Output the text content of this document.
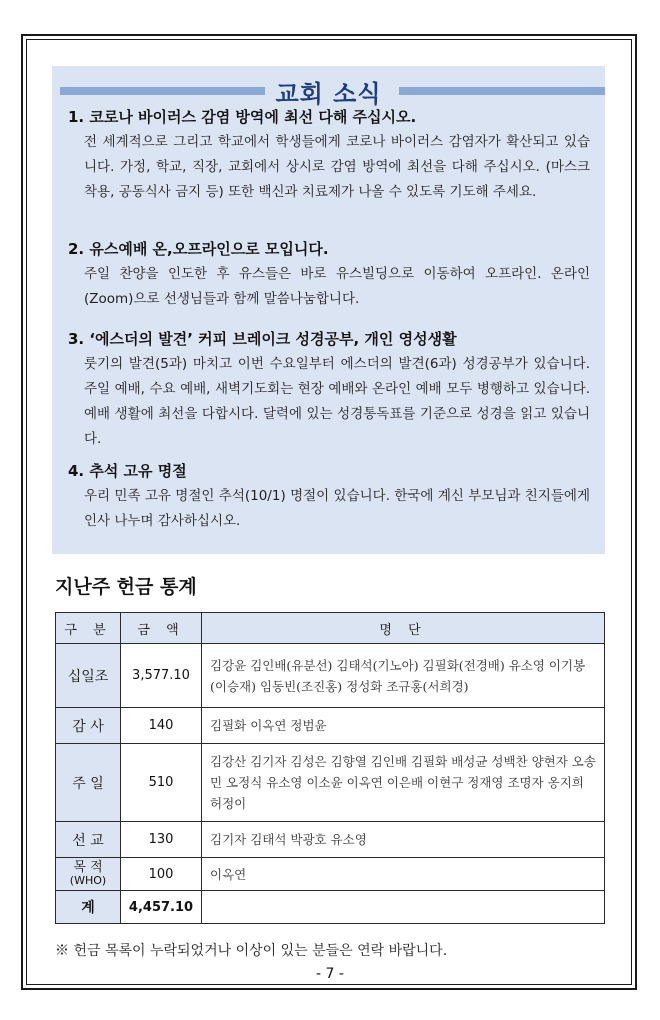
교회 소식
1. 코로나 바이러스 감염 방역에 최선 다해 주십시오.

전 세계적으로 그리고 학교에서 학생들에게 코로나 바이러스 감염자가 확산되고 있습니다. 가정, 학교, 직장, 교회에서 상시로 감염 방역에 최선을 다해 주십시오. (마스크 착용, 공동식사 금지 등) 또한 백신과 치료제가 나올 수 있도록 기도해 주세요.

2. 유스예배 온,오프라인으로 모입니다.

주일 찬양을 인도한 후 유스들은 바로 유스빌딩으로 이동하여 오프라인. 온라인(Zoom)으로 선생님들과 함께 말씀나눔합니다.

3. ‘에스더의 발견’ 커피 브레이크 성경공부, 개인 영성생활

룻기의 발견(5과) 마치고 이번 수요일부터 에스더의 발견(6과) 성경공부가 있습니다. 주일 예배, 수요 예배, 새벽기도회는 현장 예배와 온라인 예배 모두 병행하고 있습니다. 예배 생활에 최선을 다합시다. 달력에 있는 성경통독표를 기준으로 성경을 읽고 있습니다.

4. 추석 고유 명절

우리 민족 고유 명절인 추석(10/1) 명절이 있습니다. 한국에 계신 부모님과 친지들에게 인사 나누며 감사하십시오.

지난주 헌금 통계
구 분	금 액	명 단
십일조	3,577.10	김강윤 김인배(유분선) 김태석(기노아) 김필화(전경배) 유소영 이기봉(이승재) 임동빈(조진홍) 정성화 조규홍(서희경)
감 사	140	김필화 이옥연 정범윤
주 일	510	김강산 김기자 김성은 김향열 김인배 김필화 배성균 성백찬 양현자 오송민 오정식 유소영 이소윤 이옥연 이은배 이현구 정재영 조명자 옹지희 허정이
선 교	130	김기자 김태석 박광호 유소영

목 적
(WHO)	100	이옥연
계	4,457.10	
※ 헌금 목록이 누락되었거나 이상이 있는 분들은 연락 바랍니다.
- 7 -
